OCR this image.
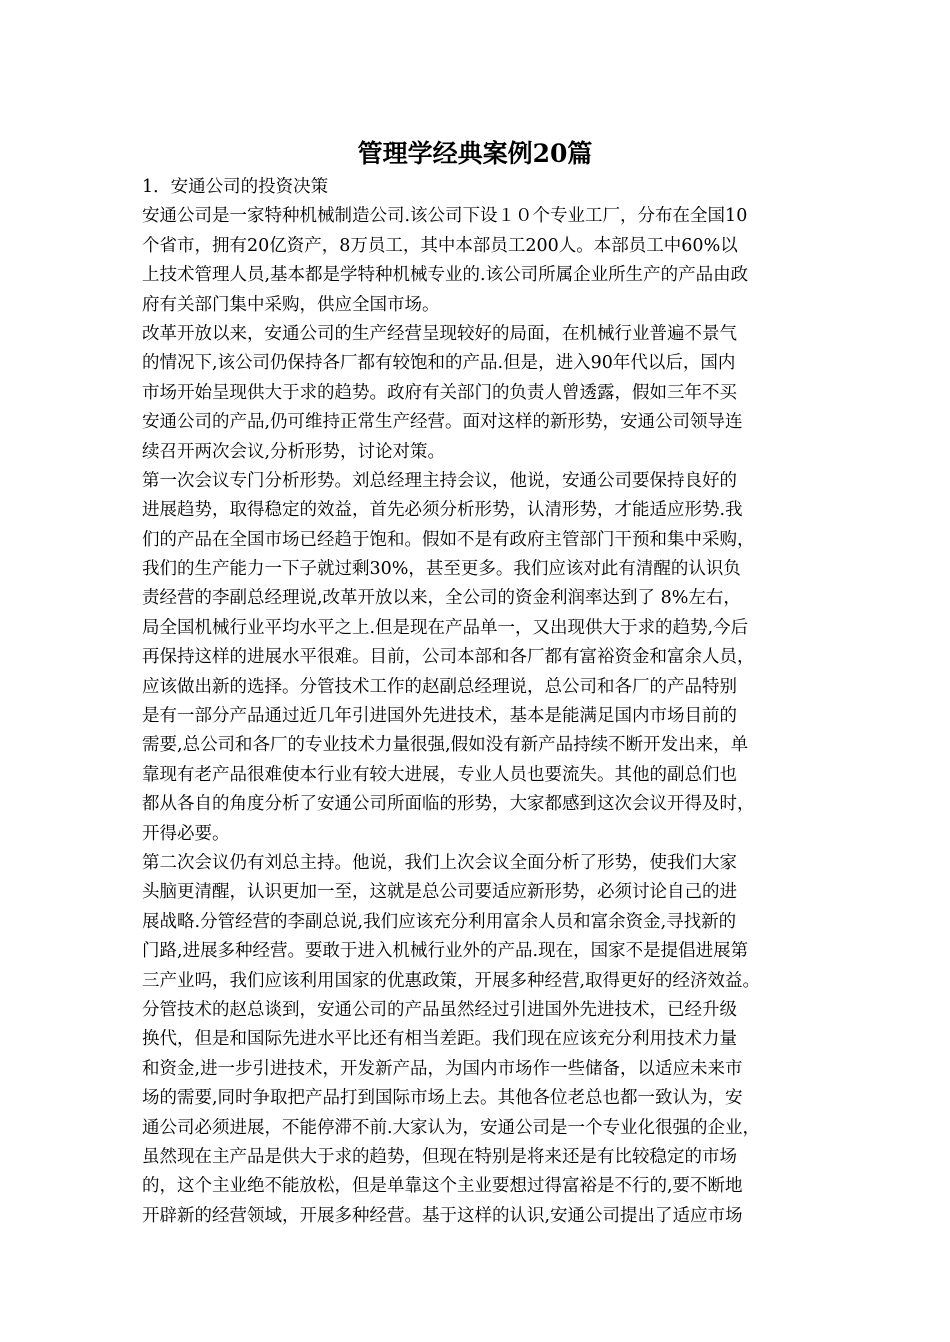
管理学经典案例20篇
1．安通公司的投资决策
安通公司是一家特种机械制造公司.该公司下设１０个专业工厂，分布在全国10
个省市，拥有20亿资产，8万员工，其中本部员工200人。本部员工中60%以
上技术管理人员,基本都是学特种机械专业的.该公司所属企业所生产的产品由政
府有关部门集中采购，供应全国市场。
改革开放以来，安通公司的生产经营呈现较好的局面，在机械行业普遍不景气
的情况下,该公司仍保持各厂都有较饱和的产品.但是，进入90年代以后，国内
市场开始呈现供大于求的趋势。政府有关部门的负责人曾透露，假如三年不买
安通公司的产品,仍可维持正常生产经营。面对这样的新形势，安通公司领导连
续召开两次会议,分析形势，讨论对策。
第一次会议专门分析形势。刘总经理主持会议，他说，安通公司要保持良好的
进展趋势，取得稳定的效益，首先必须分析形势，认清形势，才能适应形势.我
们的产品在全国市场已经趋于饱和。假如不是有政府主管部门干预和集中采购，
我们的生产能力一下子就过剩30%，甚至更多。我们应该对此有清醒的认识负
责经营的李副总经理说,改革开放以来，全公司的资金利润率达到了 8%左右，
局全国机械行业平均水平之上.但是现在产品单一，又出现供大于求的趋势,今后
再保持这样的进展水平很难。目前，公司本部和各厂都有富裕资金和富余人员，
应该做出新的选择。分管技术工作的赵副总经理说，总公司和各厂的产品特别
是有一部分产品通过近几年引进国外先进技术，基本是能满足国内市场目前的
需要,总公司和各厂的专业技术力量很强,假如没有新产品持续不断开发出来，单
靠现有老产品很难使本行业有较大进展，专业人员也要流失。其他的副总们也
都从各自的角度分析了安通公司所面临的形势，大家都感到这次会议开得及时，
开得必要。
第二次会议仍有刘总主持。他说，我们上次会议全面分析了形势，使我们大家
头脑更清醒，认识更加一至，这就是总公司要适应新形势，必须讨论自己的进
展战略.分管经营的李副总说,我们应该充分利用富余人员和富余资金,寻找新的
门路,进展多种经营。要敢于进入机械行业外的产品.现在，国家不是提倡进展第
三产业吗，我们应该利用国家的优惠政策，开展多种经营,取得更好的经济效益。
分管技术的赵总谈到，安通公司的产品虽然经过引进国外先进技术，已经升级
换代，但是和国际先进水平比还有相当差距。我们现在应该充分利用技术力量
和资金,进一步引进技术，开发新产品，为国内市场作一些储备，以适应未来市
场的需要,同时争取把产品打到国际市场上去。其他各位老总也都一致认为，安
通公司必须进展，不能停滞不前.大家认为，安通公司是一个专业化很强的企业，
虽然现在主产品是供大于求的趋势，但现在特别是将来还是有比较稳定的市场
的，这个主业绝不能放松，但是单靠这个主业要想过得富裕是不行的,要不断地
开辟新的经营领域，开展多种经营。基于这样的认识,安通公司提出了适应市场
